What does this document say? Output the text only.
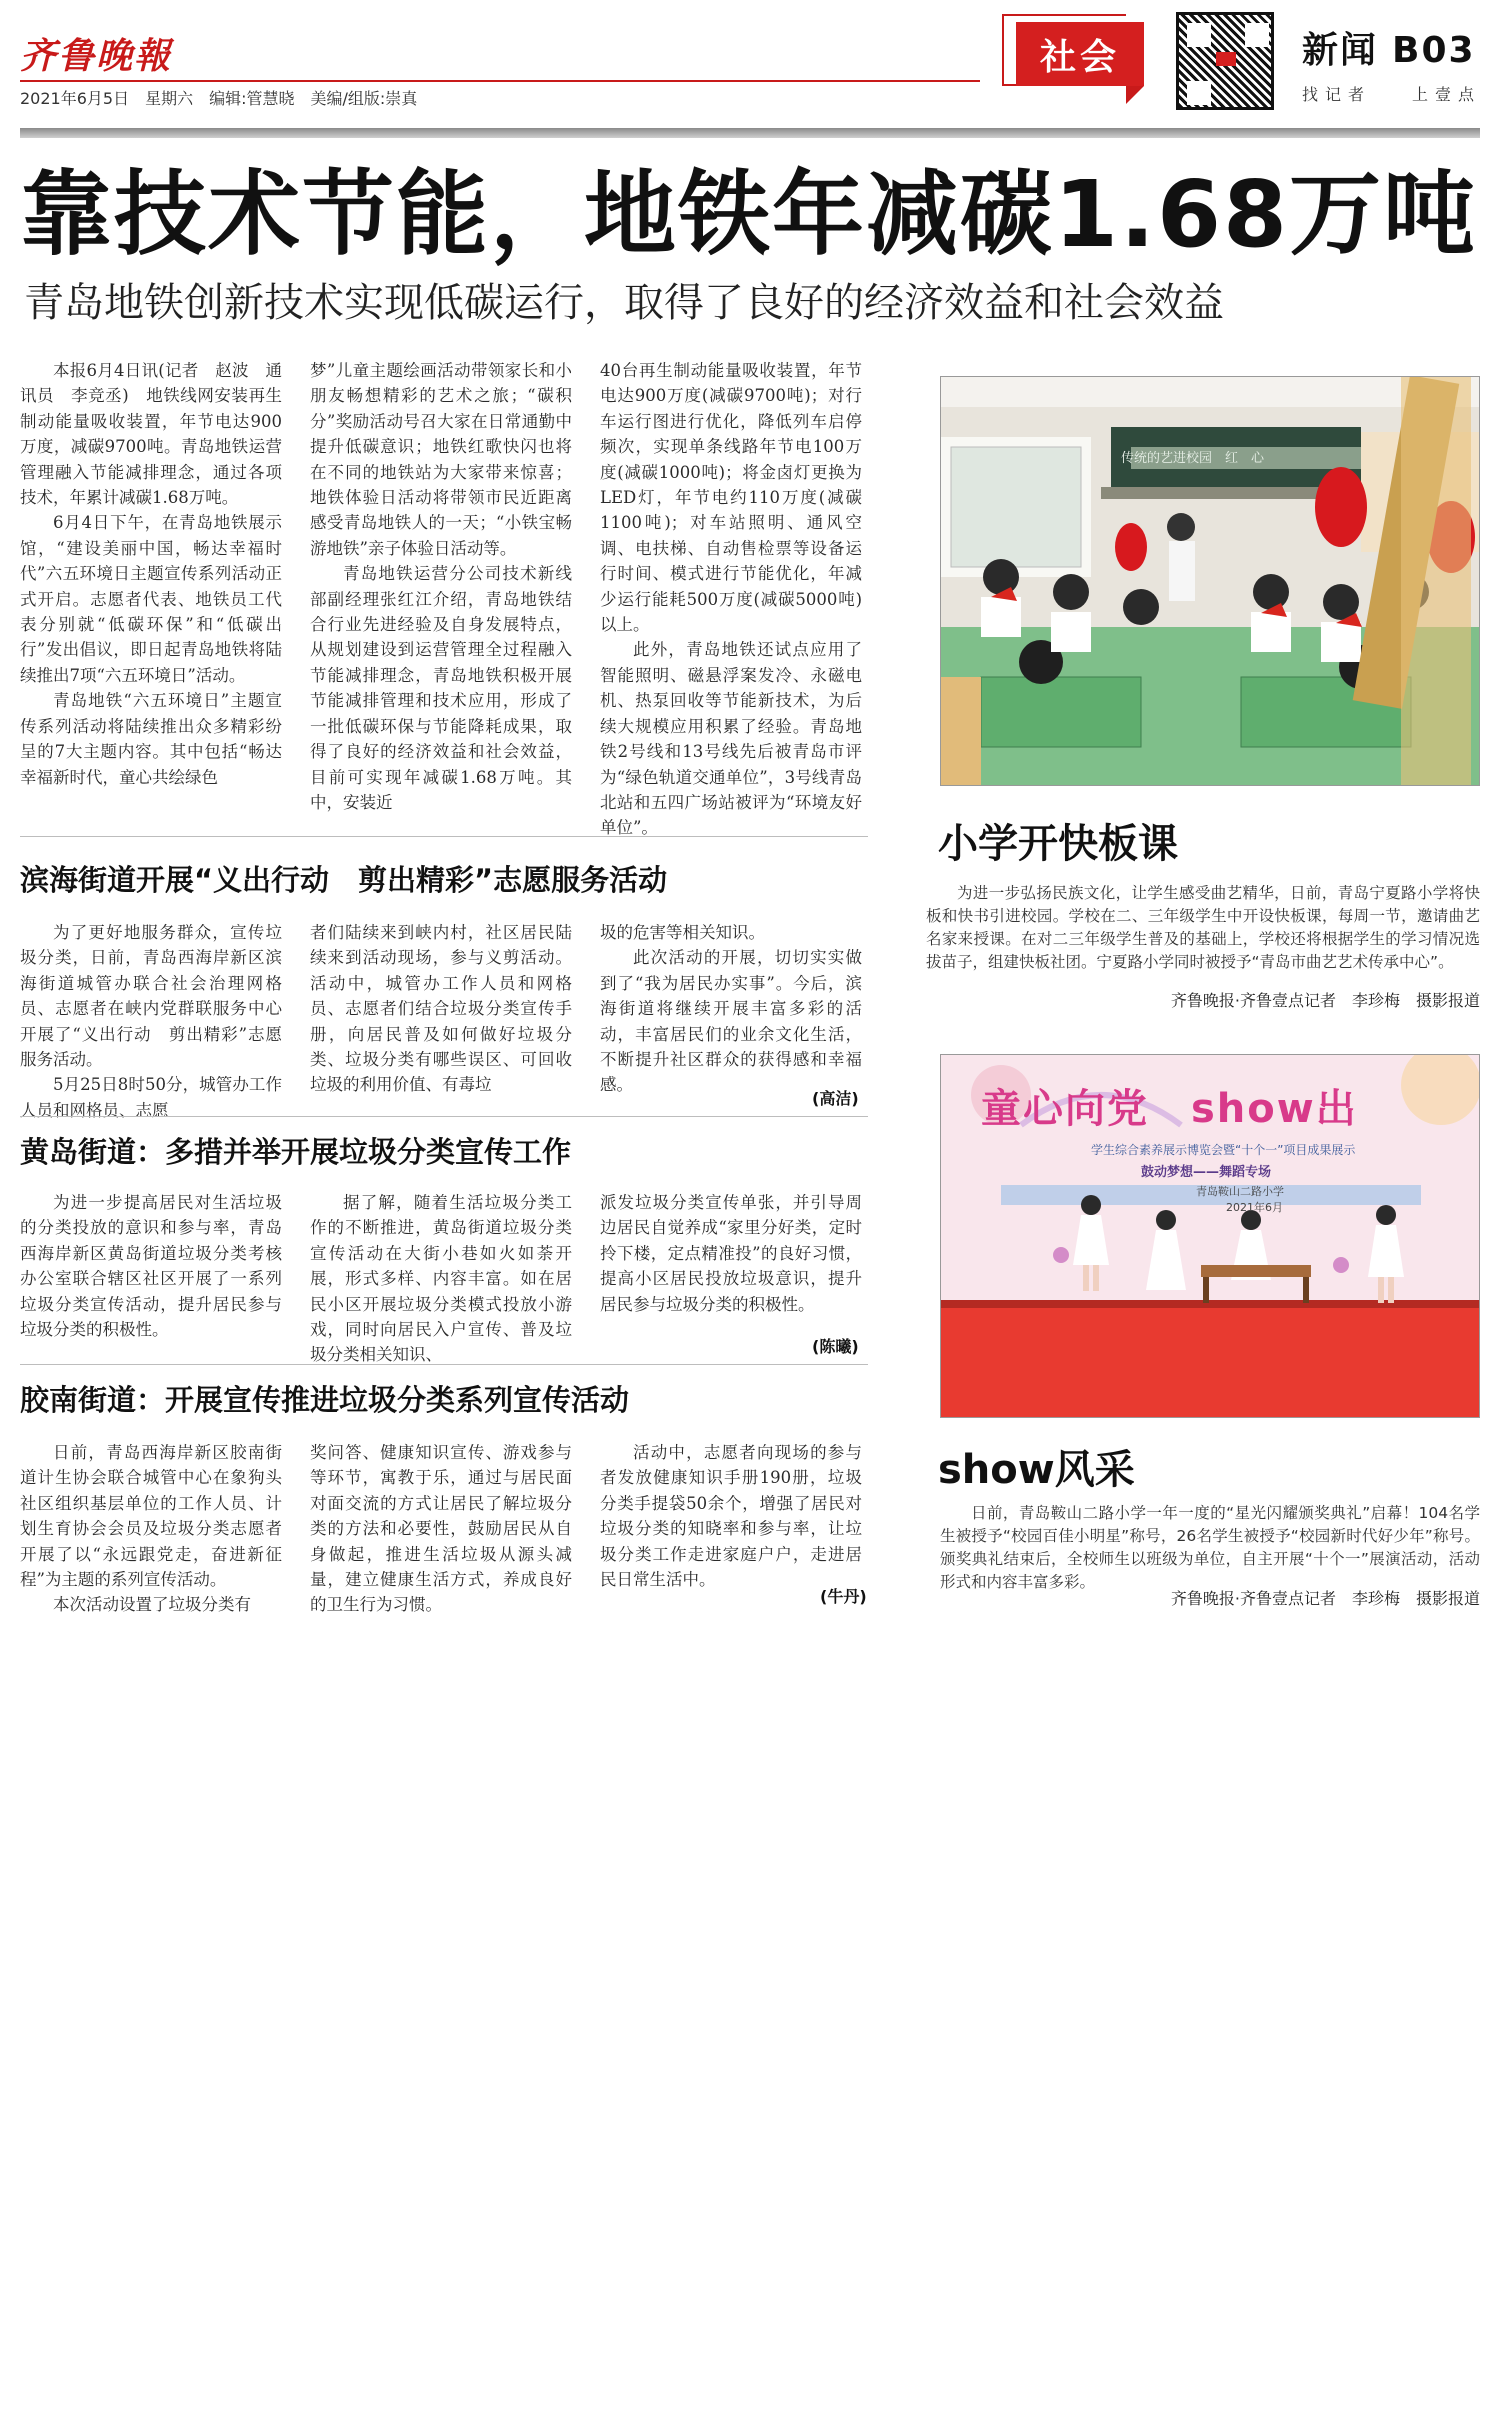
齐鲁晚報
2021年6月5日　星期六　编辑:管慧晓　美编/组版:崇真
社会	新闻 B03
找 记 者	上 壹 点
靠技术节能，地铁年减碳1.68万吨
青岛地铁创新技术实现低碳运行，取得了良好的经济效益和社会效益

本报6月4日讯(记者　赵波　通讯员　李竞丞)　地铁线网安装再生制动能量吸收装置，年节电达900万度，减碳9700吨。青岛地铁运营管理融入节能减排理念，通过各项技术，年累计减碳1.68万吨。

6月4日下午，在青岛地铁展示馆，“建设美丽中国，畅达幸福时代”六五环境日主题宣传系列活动正式开启。志愿者代表、地铁员工代表分别就“低碳环保”和“低碳出行”发出倡议，即日起青岛地铁将陆续推出7项“六五环境日”活动。

青岛地铁“六五环境日”主题宣传系列活动将陆续推出众多精彩纷呈的7大主题内容。其中包括“畅达幸福新时代，童心共绘绿色

梦”儿童主题绘画活动带领家长和小朋友畅想精彩的艺术之旅；“碳积分”奖励活动号召大家在日常通勤中提升低碳意识；地铁红歌快闪也将在不同的地铁站为大家带来惊喜；地铁体验日活动将带领市民近距离感受青岛地铁人的一天；“小铁宝畅游地铁”亲子体验日活动等。

青岛地铁运营分公司技术新线部副经理张红江介绍，青岛地铁结合行业先进经验及自身发展特点，从规划建设到运营管理全过程融入节能减排理念，青岛地铁积极开展节能减排管理和技术应用，形成了一批低碳环保与节能降耗成果，取得了良好的经济效益和社会效益，目前可实现年减碳1.68万吨。其中，安装近

40台再生制动能量吸收装置，年节电达900万度(减碳9700吨)；对行车运行图进行优化，降低列车启停频次，实现单条线路年节电100万度(减碳1000吨)；将金卤灯更换为LED灯，年节电约110万度(减碳1100吨)；对车站照明、通风空调、电扶梯、自动售检票等设备运行时间、模式进行节能优化，年减少运行能耗500万度(减碳5000吨)以上。

此外，青岛地铁还试点应用了智能照明、磁悬浮案发冷、永磁电机、热泵回收等节能新技术，为后续大规模应用积累了经验。青岛地铁2号线和13号线先后被青岛市评为“绿色轨道交通单位”，3号线青岛北站和五四广场站被评为“环境友好单位”。

滨海街道开展“义出行动　剪出精彩”志愿服务活动

为了更好地服务群众，宣传垃圾分类，日前，青岛西海岸新区滨海街道城管办联合社会治理网格员、志愿者在峡内党群联服务中心开展了“义出行动　剪出精彩”志愿服务活动。

5月25日8时50分，城管办工作人员和网格员、志愿

者们陆续来到峡内村，社区居民陆续来到活动现场，参与义剪活动。活动中，城管办工作人员和网格员、志愿者们结合垃圾分类宣传手册，向居民普及如何做好垃圾分类、垃圾分类有哪些误区、可回收垃圾的利用价值、有毒垃

圾的危害等相关知识。

此次活动的开展，切切实实做到了“我为居民办实事”。今后，滨海街道将继续开展丰富多彩的活动，丰富居民们的业余文化生活，不断提升社区群众的获得感和幸福感。

(高洁)
黄岛街道：多措并举开展垃圾分类宣传工作

为进一步提高居民对生活垃圾的分类投放的意识和参与率，青岛西海岸新区黄岛街道垃圾分类考核办公室联合辖区社区开展了一系列垃圾分类宣传活动，提升居民参与垃圾分类的积极性。

据了解，随着生活垃圾分类工作的不断推进，黄岛街道垃圾分类宣传活动在大街小巷如火如荼开展，形式多样、内容丰富。如在居民小区开展垃圾分类模式投放小游戏，同时向居民入户宣传、普及垃圾分类相关知识、

派发垃圾分类宣传单张，并引导周边居民自觉养成“家里分好类，定时拎下楼，定点精准投”的良好习惯，提高小区居民投放垃圾意识，提升居民参与垃圾分类的积极性。

(陈曦)
胶南街道：开展宣传推进垃圾分类系列宣传活动

日前，青岛西海岸新区胶南街道计生协会联合城管中心在象狗头社区组织基层单位的工作人员、计划生育协会会员及垃圾分类志愿者开展了以“永远跟党走，奋进新征程”为主题的系列宣传活动。

本次活动设置了垃圾分类有

奖问答、健康知识宣传、游戏参与等环节，寓教于乐，通过与居民面对面交流的方式让居民了解垃圾分类的方法和必要性，鼓励居民从自身做起，推进生活垃圾从源头减量，建立健康生活方式，养成良好的卫生行为习惯。

活动中，志愿者向现场的参与者发放健康知识手册190册，垃圾分类手提袋50余个，增强了居民对垃圾分类的知晓率和参与率，让垃圾分类工作走进家庭户户，走进居民日常生活中。

(牛丹)
传统的艺进校园　红　心
小学开快板课
为进一步弘扬民族文化，让学生感受曲艺精华，日前，青岛宁夏路小学将快板和快书引进校园。学校在二、三年级学生中开设快板课，每周一节，邀请曲艺名家来授课。在对二三年级学生普及的基础上，学校还将根据学生的学习情况选拔苗子，组建快板社团。宁夏路小学同时被授予“青岛市曲艺艺术传承中心”。
齐鲁晚报·齐鲁壹点记者　李珍梅　摄影报道
童心向党　show出
学生综合素养展示博览会暨“十个一”项目成果展示
鼓动梦想——舞蹈专场
青岛鞍山二路小学
2021年6月
show风采
日前，青岛鞍山二路小学一年一度的“星光闪耀颁奖典礼”启幕！104名学生被授予“校园百佳小明星”称号，26名学生被授予“校园新时代好少年”称号。颁奖典礼结束后，全校师生以班级为单位，自主开展“十个一”展演活动，活动形式和内容丰富多彩。
齐鲁晚报·齐鲁壹点记者　李珍梅　摄影报道
